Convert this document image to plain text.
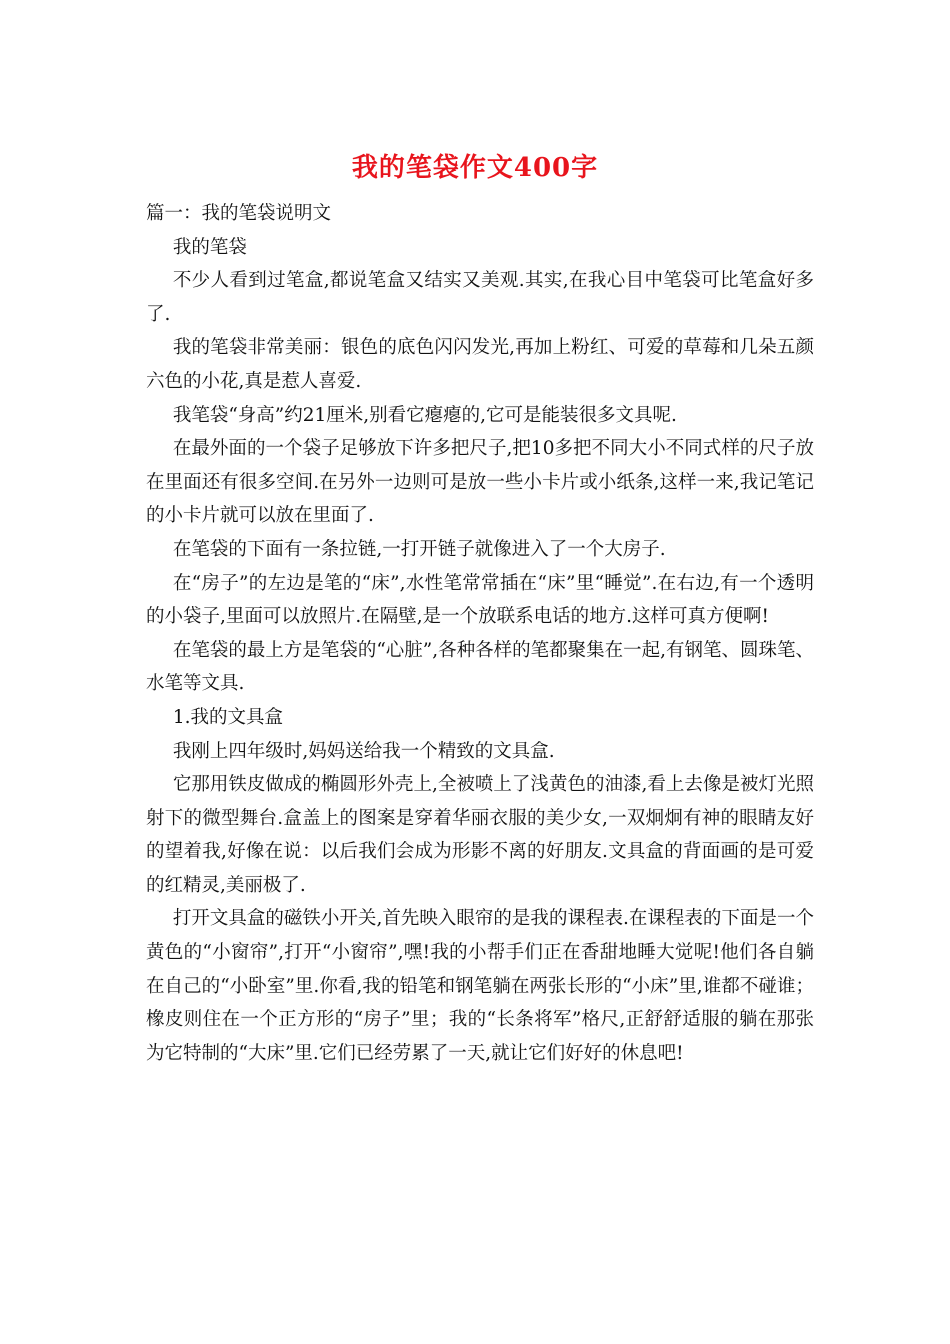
我的笔袋作文400字

篇一：我的笔袋说明文

我的笔袋

不少人看到过笔盒,都说笔盒又结实又美观.其实,在我心目中笔袋可比笔盒好多了.

我的笔袋非常美丽：银色的底色闪闪发光,再加上粉红、可爱的草莓和几朵五颜六色的小花,真是惹人喜爱.

我笔袋“身高”约21厘米,别看它瘪瘪的,它可是能装很多文具呢.

在最外面的一个袋子足够放下许多把尺子,把10多把不同大小不同式样的尺子放在里面还有很多空间.在另外一边则可是放一些小卡片或小纸条,这样一来,我记笔记的小卡片就可以放在里面了.

在笔袋的下面有一条拉链,一打开链子就像进入了一个大房子.

在“房子”的左边是笔的“床”,水性笔常常插在“床”里“睡觉”.在右边,有一个透明的小袋子,里面可以放照片.在隔壁,是一个放联系电话的地方.这样可真方便啊!

在笔袋的最上方是笔袋的“心脏”,各种各样的笔都聚集在一起,有钢笔、圆珠笔、水笔等文具.

1.我的文具盒

我刚上四年级时,妈妈送给我一个精致的文具盒.

它那用铁皮做成的椭圆形外壳上,全被喷上了浅黄色的油漆,看上去像是被灯光照射下的微型舞台.盒盖上的图案是穿着华丽衣服的美少女,一双炯炯有神的眼睛友好的望着我,好像在说：以后我们会成为形影不离的好朋友.文具盒的背面画的是可爱的红精灵,美丽极了.

打开文具盒的磁铁小开关,首先映入眼帘的是我的课程表.在课程表的下面是一个黄色的“小窗帘”,打开“小窗帘”,嘿!我的小帮手们正在香甜地睡大觉呢!他们各自躺在自己的“小卧室”里.你看,我的铅笔和钢笔躺在两张长形的“小床”里,谁都不碰谁；橡皮则住在一个正方形的“房子”里；我的“长条将军”格尺,正舒舒适服的躺在那张为它特制的“大床”里.它们已经劳累了一天,就让它们好好的休息吧!
